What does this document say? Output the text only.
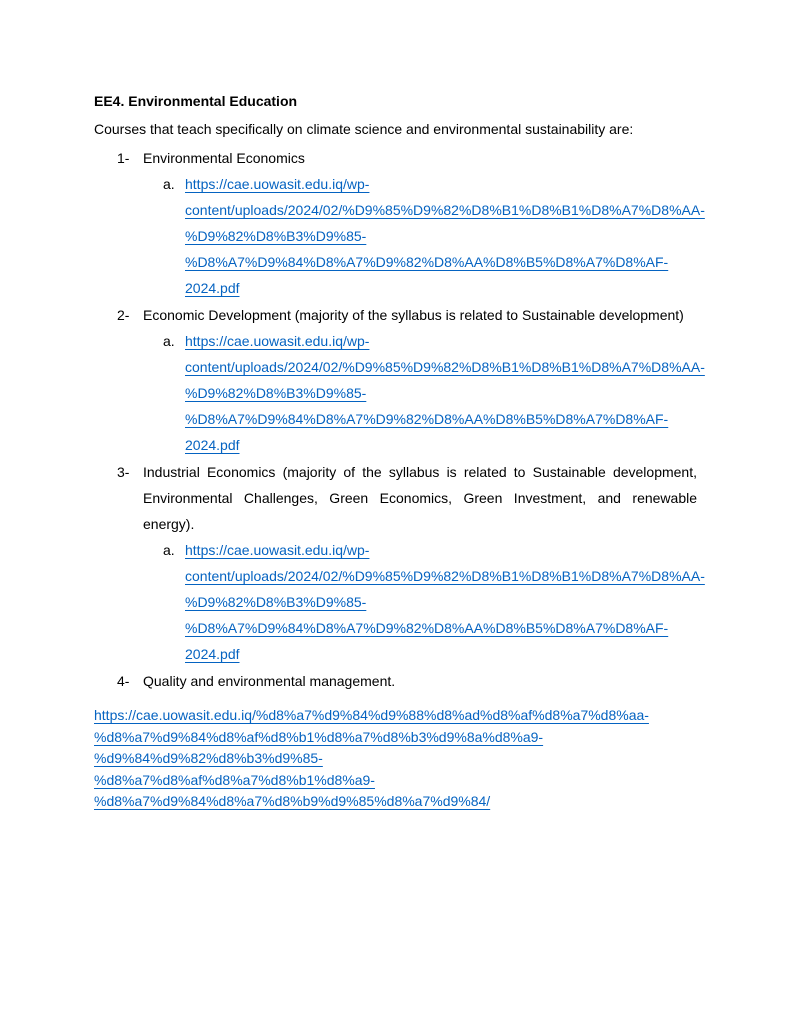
EE4. Environmental Education

Courses that teach specifically on climate science and environmental sustainability are:

1- Environmental Economics
a. https://cae.uowasit.edu.iq/wp-
content/uploads/2024/02/%D9%85%D9%82%D8%B1%D8%B1%D8%A7%D8%AA-
%D9%82%D8%B3%D9%85-
%D8%A7%D9%84%D8%A7%D9%82%D8%AA%D8%B5%D8%A7%D8%AF-2024.pdf
2- Economic Development (majority of the syllabus is related to Sustainable development)
a. https://cae.uowasit.edu.iq/wp-
content/uploads/2024/02/%D9%85%D9%82%D8%B1%D8%B1%D8%A7%D8%AA-
%D9%82%D8%B3%D9%85-
%D8%A7%D9%84%D8%A7%D9%82%D8%AA%D8%B5%D8%A7%D8%AF-2024.pdf
3- Industrial Economics (majority of the syllabus is related to Sustainable development, Environmental Challenges, Green Economics, Green Investment, and renewable energy).
a. https://cae.uowasit.edu.iq/wp-
content/uploads/2024/02/%D9%85%D9%82%D8%B1%D8%B1%D8%A7%D8%AA-
%D9%82%D8%B3%D9%85-
%D8%A7%D9%84%D8%A7%D9%82%D8%AA%D8%B5%D8%A7%D8%AF-2024.pdf
4- Quality and environmental management.

https://cae.uowasit.edu.iq/%d8%a7%d9%84%d9%88%d8%ad%d8%af%d8%a7%d8%aa-
%d8%a7%d9%84%d8%af%d8%b1%d8%a7%d8%b3%d9%8a%d8%a9-%d9%84%d9%82%d8%b3%d9%85-
%d8%a7%d8%af%d8%a7%d8%b1%d8%a9-%d8%a7%d9%84%d8%a7%d8%b9%d9%85%d8%a7%d9%84/
